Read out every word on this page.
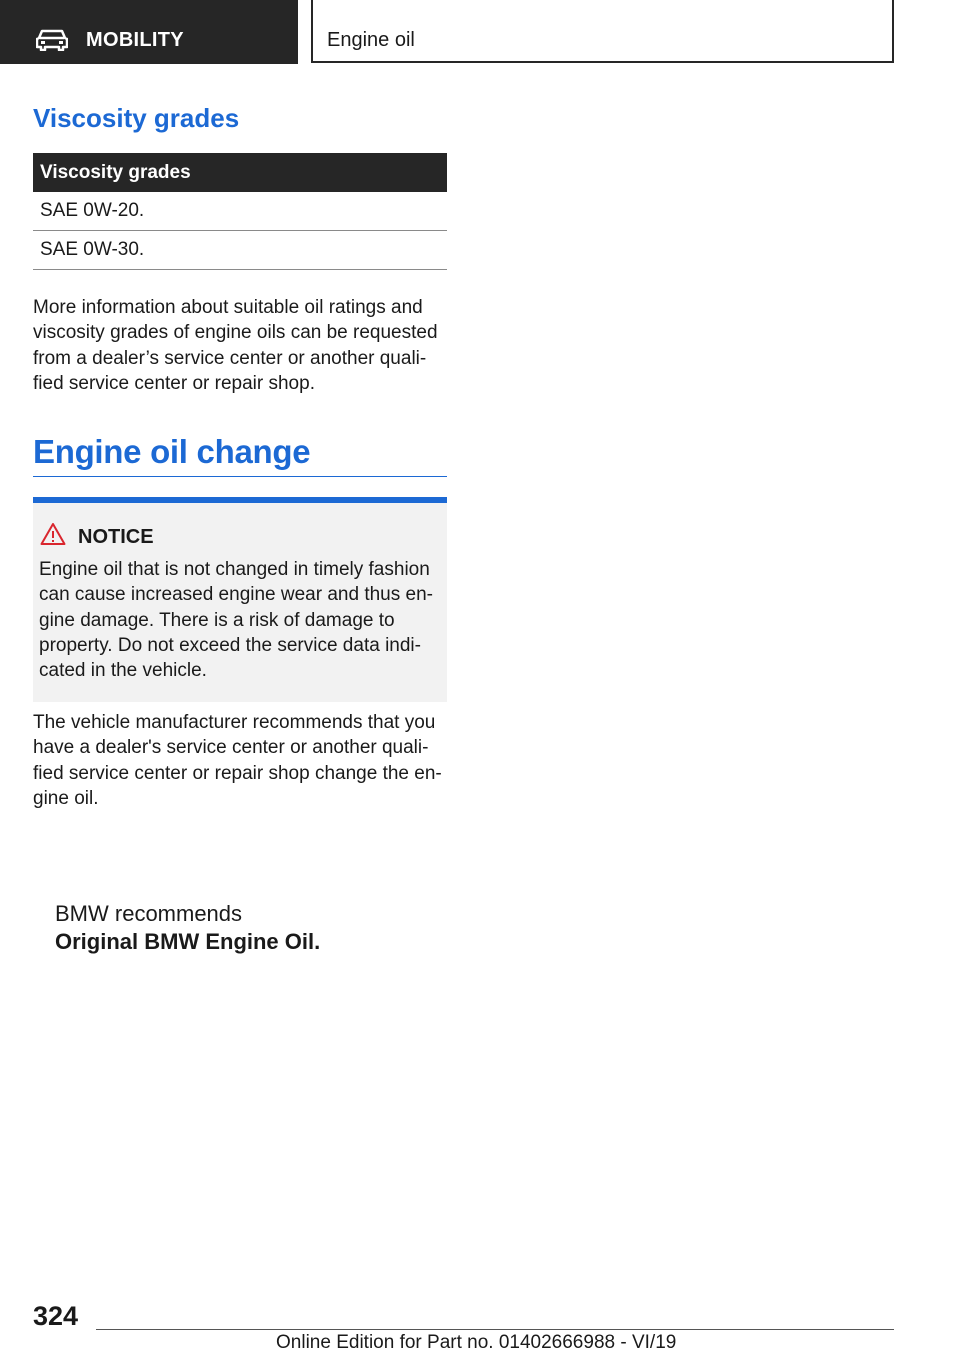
MOBILITY	Engine oil
Viscosity grades
Viscosity grades
SAE 0W-20.
SAE 0W-30.

More information about suitable oil ratings and viscosity grades of engine oils can be requested from a dealer’s service center or another quali-fied service center or repair shop.

Engine oil change
NOTICE

Engine oil that is not changed in timely fashion can cause increased engine wear and thus en-gine damage. There is a risk of damage to property. Do not exceed the service data indi-cated in the vehicle.

The vehicle manufacturer recommends that you have a dealer's service center or another quali-fied service center or repair shop change the en-gine oil.

BMW recommends
Original BMW Engine Oil.
324
Online Edition for Part no. 01402666988 - VI/19
